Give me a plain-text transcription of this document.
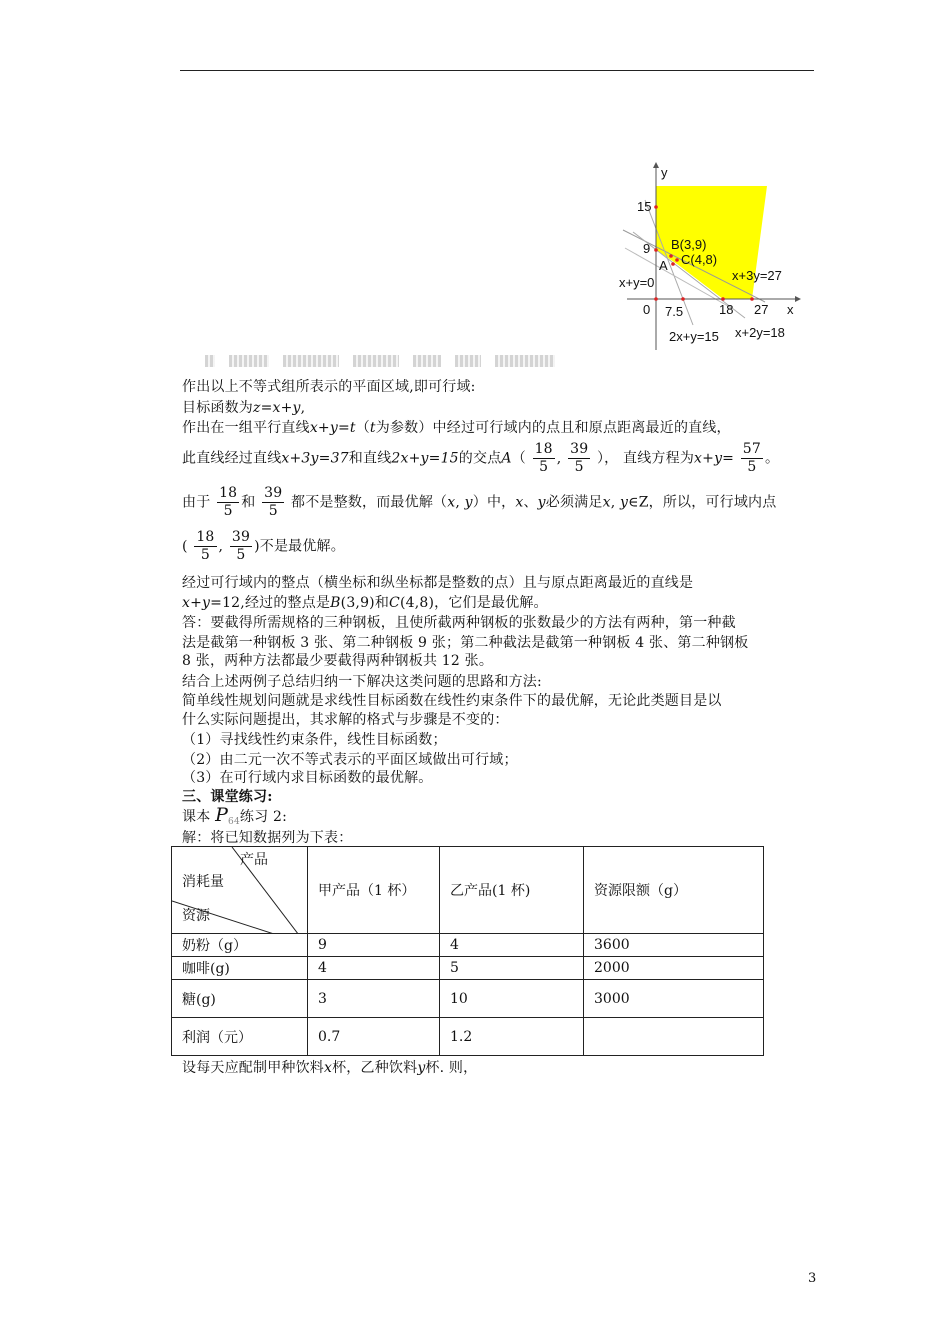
y
x
15
9
0 7.5	18 27
B(3,9)
C(4,8)
A
x+y=0	x+3y=27
2x+y=15 x+2y=18
作出以上不等式组所表示的平面区域,即可行域:
目标函数为z=x+y,
作出在一组平行直线x+y=t（t为参数）中经过可行域内的点且和原点距离最近的直线，
此直线经过直线x+3y=37和直线2x+y=15的交点$A( \frac{18}{5}$ , $\frac{39}{5}$ ）， 直线方程为$x+y= \frac{57}{5}$ 。
由于 $\frac{18}{5}$ 和 $\frac{39}{5}$ 都不是整数，而最优解（x, y）中，x、y必须满足x, y∈Z，所以，可行域内点
( $\frac{18}{5}$ , $\frac{39}{5}$ )不是最优解。
经过可行域内的整点（横坐标和纵坐标都是整数的点）且与原点距离最近的直线是
x+y=12,经过的整点是B(3,9)和C(4,8)，它们是最优解。
答：要截得所需规格的三种钢板，且使所截两种钢板的张数最少的方法有两种，第一种截
法是截第一种钢板 3 张、第二种钢板 9 张；第二种截法是截第一种钢板 4 张、第二种钢板
8 张，两种方法都最少要截得两种钢板共 12 张。
结合上述两例子总结归纳一下解决这类问题的思路和方法:
简单线性规划问题就是求线性目标函数在线性约束条件下的最优解，无论此类题目是以
什么实际问题提出，其求解的格式与步骤是不变的：
（1）寻找线性约束条件，线性目标函数；
（2）由二元一次不等式表示的平面区域做出可行域；
（3）在可行域内求目标函数的最优解。
三、课堂练习:
课本 $P_{64}$练习 2:
解：将已知数据列为下表：
产品
消耗量
资源	甲产品（1 杯）	乙产品(1 杯)	资源限额（g）
奶粉（g）	9	4	3600
咖啡(g)	4	5	2000
糖(g)	3	10	3000
利润（元）	0.7	1.2	
设每天应配制甲种饮料x杯，乙种饮料y杯. 则，
3
